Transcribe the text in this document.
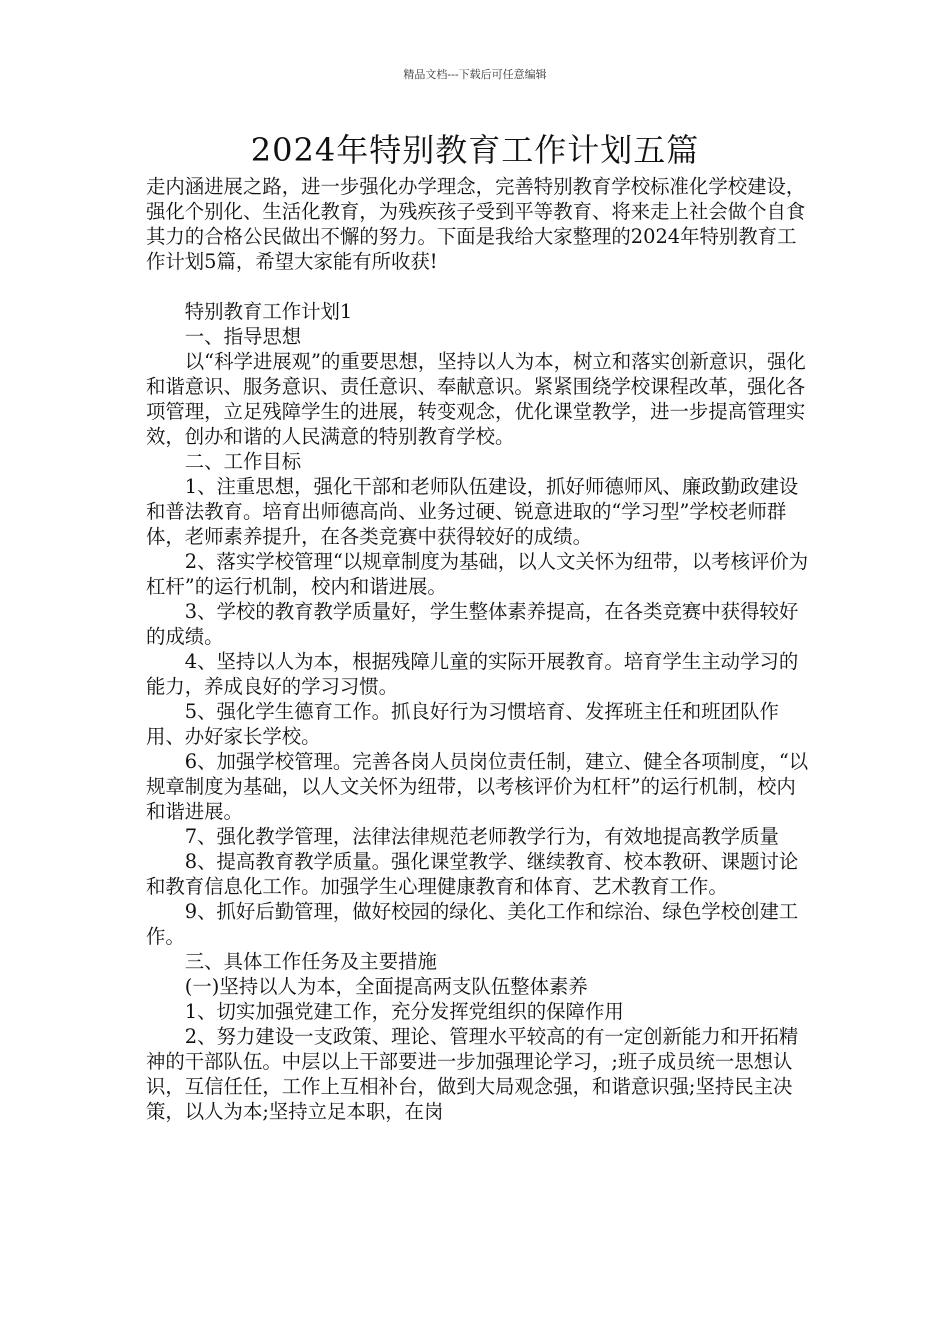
精品文档---下载后可任意编辑
2024年特别教育工作计划五篇

走内涵进展之路，进一步强化办学理念，完善特别教育学校标准化学校建设，强化个别化、生活化教育，为残疾孩子受到平等教育、将来走上社会做个自食其力的合格公民做出不懈的努力。下面是我给大家整理的2024年特别教育工作计划5篇，希望大家能有所收获!

特别教育工作计划1

一、指导思想

以“科学进展观”的重要思想，坚持以人为本，树立和落实创新意识，强化和谐意识、服务意识、责任意识、奉献意识。紧紧围绕学校课程改革，强化各项管理，立足残障学生的进展，转变观念，优化课堂教学，进一步提高管理实效，创办和谐的人民满意的特别教育学校。

二、工作目标

1、注重思想，强化干部和老师队伍建设，抓好师德师风、廉政勤政建设和普法教育。培育出师德高尚、业务过硬、锐意进取的“学习型”学校老师群体，老师素养提升，在各类竞赛中获得较好的成绩。

2、落实学校管理“以规章制度为基础，以人文关怀为纽带，以考核评价为杠杆”的运行机制，校内和谐进展。

3、学校的教育教学质量好，学生整体素养提高，在各类竞赛中获得较好的成绩。

4、坚持以人为本，根据残障儿童的实际开展教育。培育学生主动学习的能力，养成良好的学习习惯。

5、强化学生德育工作。抓良好行为习惯培育、发挥班主任和班团队作用、办好家长学校。

6、加强学校管理。完善各岗人员岗位责任制，建立、健全各项制度，“以规章制度为基础，以人文关怀为纽带，以考核评价为杠杆”的运行机制，校内和谐进展。

7、强化教学管理，法律法律规范老师教学行为，有效地提高教学质量

8、提高教育教学质量。强化课堂教学、继续教育、校本教研、课题讨论和教育信息化工作。加强学生心理健康教育和体育、艺术教育工作。

9、抓好后勤管理，做好校园的绿化、美化工作和综治、绿色学校创建工作。

三、具体工作任务及主要措施

(一)坚持以人为本，全面提高两支队伍整体素养

1、切实加强党建工作，充分发挥党组织的保障作用

2、努力建设一支政策、理论、管理水平较高的有一定创新能力和开拓精神的干部队伍。中层以上干部要进一步加强理论学习，;班子成员统一思想认识，互信任任，工作上互相补台，做到大局观念强，和谐意识强;坚持民主决策，以人为本;坚持立足本职，在岗
